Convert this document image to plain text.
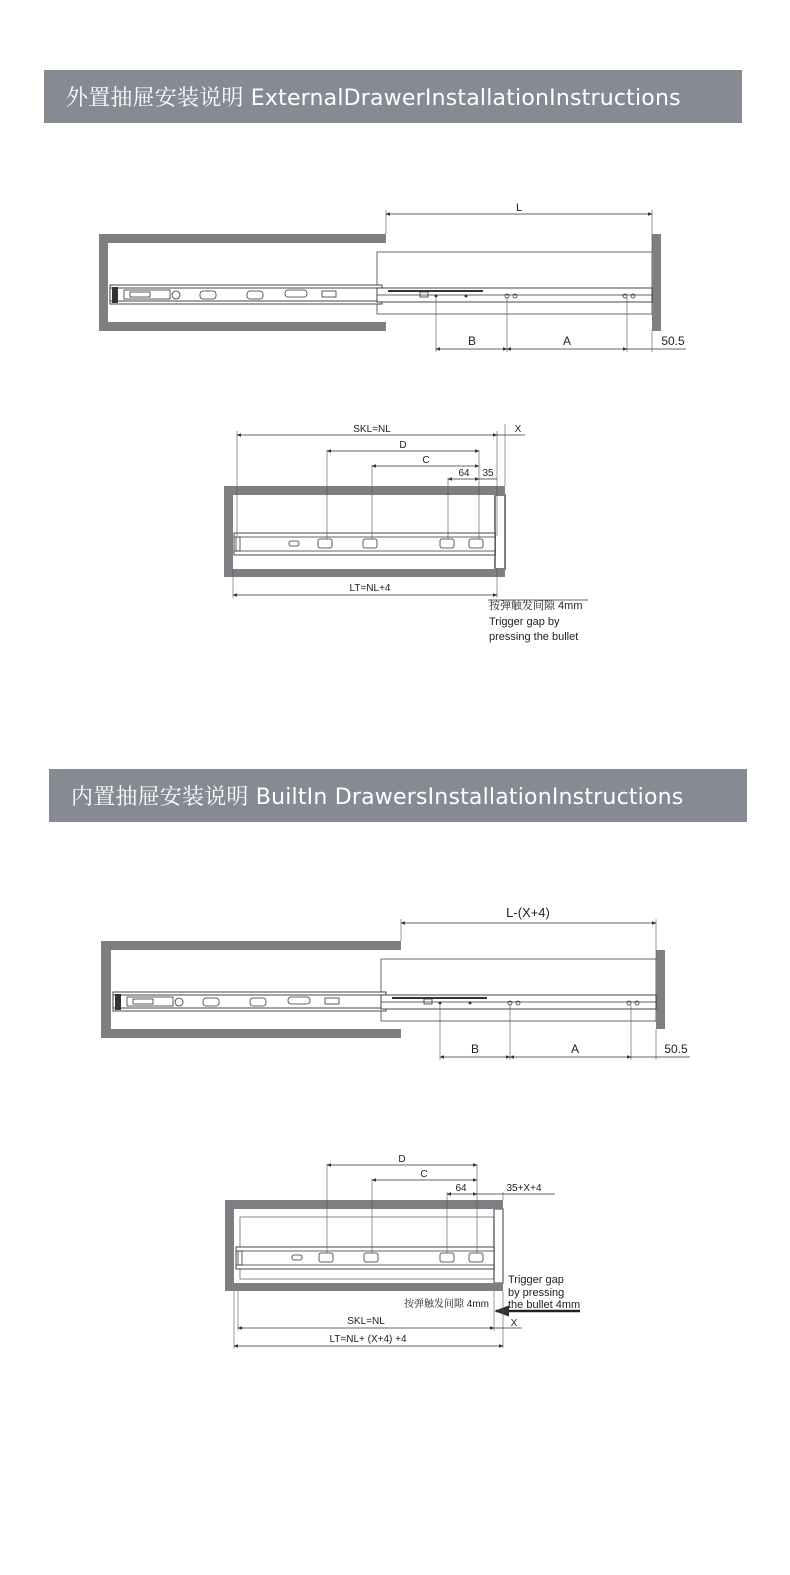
外置抽屉安装说明 ExternalDrawerInstallationInstructions
内置抽屉安装说明 BuiltIn DrawersInstallationInstructions
L
B	A	50.5
SKL=NL	X
D
C
64 35
LT=NL+4
按弹触发间隙 4mm
Trigger gap by
pressing the bullet
L-(X+4)
B	A	50.5
D
C
64	35+X+4
Trigger gap
by pressing
the bullet 4mm
按弹触发间隙 4mm
SKL=NL	X
LT=NL+ (X+4) +4
